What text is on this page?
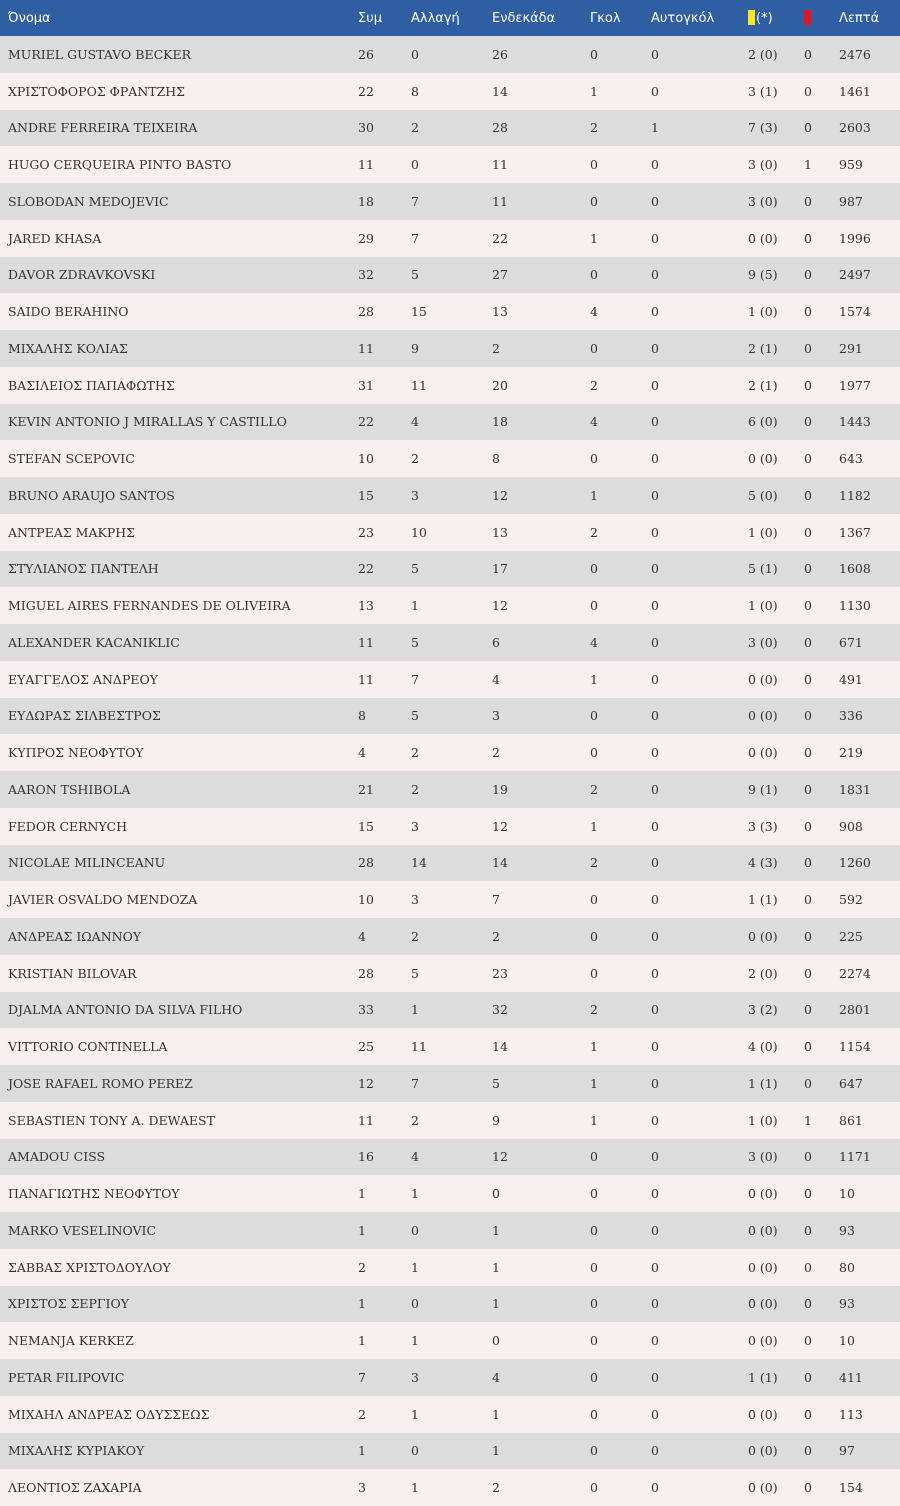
Όνομα	Συμ	Αλλαγή	Ενδεκάδα	Γκολ	Αυτογκόλ	(*)		Λεπτά
MURIEL GUSTAVO BECKER	26	0	26	0	0	2 (0)	0	2476
ΧΡΙΣΤΟΦΟΡΟΣ ΦΡΑΝΤΖΗΣ	22	8	14	1	0	3 (1)	0	1461
ANDRE FERREIRA TEIXEIRA	30	2	28	2	1	7 (3)	0	2603
HUGO CERQUEIRA PINTO BASTO	11	0	11	0	0	3 (0)	1	959
SLOBODAN MEDOJEVIC	18	7	11	0	0	3 (0)	0	987
JARED KHASA	29	7	22	1	0	0 (0)	0	1996
DAVOR ZDRAVKOVSKI	32	5	27	0	0	9 (5)	0	2497
SAIDO BERAHINO	28	15	13	4	0	1 (0)	0	1574
ΜΙΧΑΛΗΣ ΚΟΛΙΑΣ	11	9	2	0	0	2 (1)	0	291
ΒΑΣΙΛΕΙΟΣ ΠΑΠΑΦΩΤΗΣ	31	11	20	2	0	2 (1)	0	1977
KEVIN ANTONIO J MIRALLAS Y CASTILLO	22	4	18	4	0	6 (0)	0	1443
STEFAN SCEPOVIC	10	2	8	0	0	0 (0)	0	643
BRUNO ARAUJO SANTOS	15	3	12	1	0	5 (0)	0	1182
ΑΝΤΡΕΑΣ ΜΑΚΡΗΣ	23	10	13	2	0	1 (0)	0	1367
ΣΤΥΛΙΑΝΟΣ ΠΑΝΤΕΛΗ	22	5	17	0	0	5 (1)	0	1608
MIGUEL AIRES FERNANDES DE OLIVEIRA	13	1	12	0	0	1 (0)	0	1130
ALEXANDER KACANIKLIC	11	5	6	4	0	3 (0)	0	671
ΕΥΑΓΓΕΛΟΣ ΑΝΔΡΕΟΥ	11	7	4	1	0	0 (0)	0	491
ΕΥΔΩΡΑΣ ΣΙΛΒΕΣΤΡΟΣ	8	5	3	0	0	0 (0)	0	336
ΚΥΠΡΟΣ ΝΕΟΦΥΤΟΥ	4	2	2	0	0	0 (0)	0	219
AARON TSHIBOLA	21	2	19	2	0	9 (1)	0	1831
FEDOR CERNYCH	15	3	12	1	0	3 (3)	0	908
NICOLAE MILINCEANU	28	14	14	2	0	4 (3)	0	1260
JAVIER OSVALDO MENDOZA	10	3	7	0	0	1 (1)	0	592
ΑΝΔΡΕΑΣ ΙΩΑΝΝΟΥ	4	2	2	0	0	0 (0)	0	225
KRISTIAN BILOVAR	28	5	23	0	0	2 (0)	0	2274
DJALMA ANTONIO DA SILVA FILHO	33	1	32	2	0	3 (2)	0	2801
VITTORIO CONTINELLA	25	11	14	1	0	4 (0)	0	1154
JOSE RAFAEL ROMO PEREZ	12	7	5	1	0	1 (1)	0	647
SEBASTIEN TONY A. DEWAEST	11	2	9	1	0	1 (0)	1	861
AMADOU CISS	16	4	12	0	0	3 (0)	0	1171
ΠΑΝΑΓΙΩΤΗΣ ΝΕΟΦΥΤΟΥ	1	1	0	0	0	0 (0)	0	10
MARKO VESELINOVIC	1	0	1	0	0	0 (0)	0	93
ΣΑΒΒΑΣ ΧΡΙΣΤΟΔΟΥΛΟΥ	2	1	1	0	0	0 (0)	0	80
ΧΡΙΣΤΟΣ ΣΕΡΓΙΟΥ	1	0	1	0	0	0 (0)	0	93
NEMANJA KERKEZ	1	1	0	0	0	0 (0)	0	10
PETAR FILIPOVIC	7	3	4	0	0	1 (1)	0	411
ΜΙΧΑΗΛ ΑΝΔΡΕΑΣ ΟΔΥΣΣΕΩΣ	2	1	1	0	0	0 (0)	0	113
ΜΙΧΑΛΗΣ ΚΥΡΙΑΚΟΥ	1	0	1	0	0	0 (0)	0	97
ΛΕΟΝΤΙΟΣ ΖΑΧΑΡΙΑ	3	1	2	0	0	0 (0)	0	154
